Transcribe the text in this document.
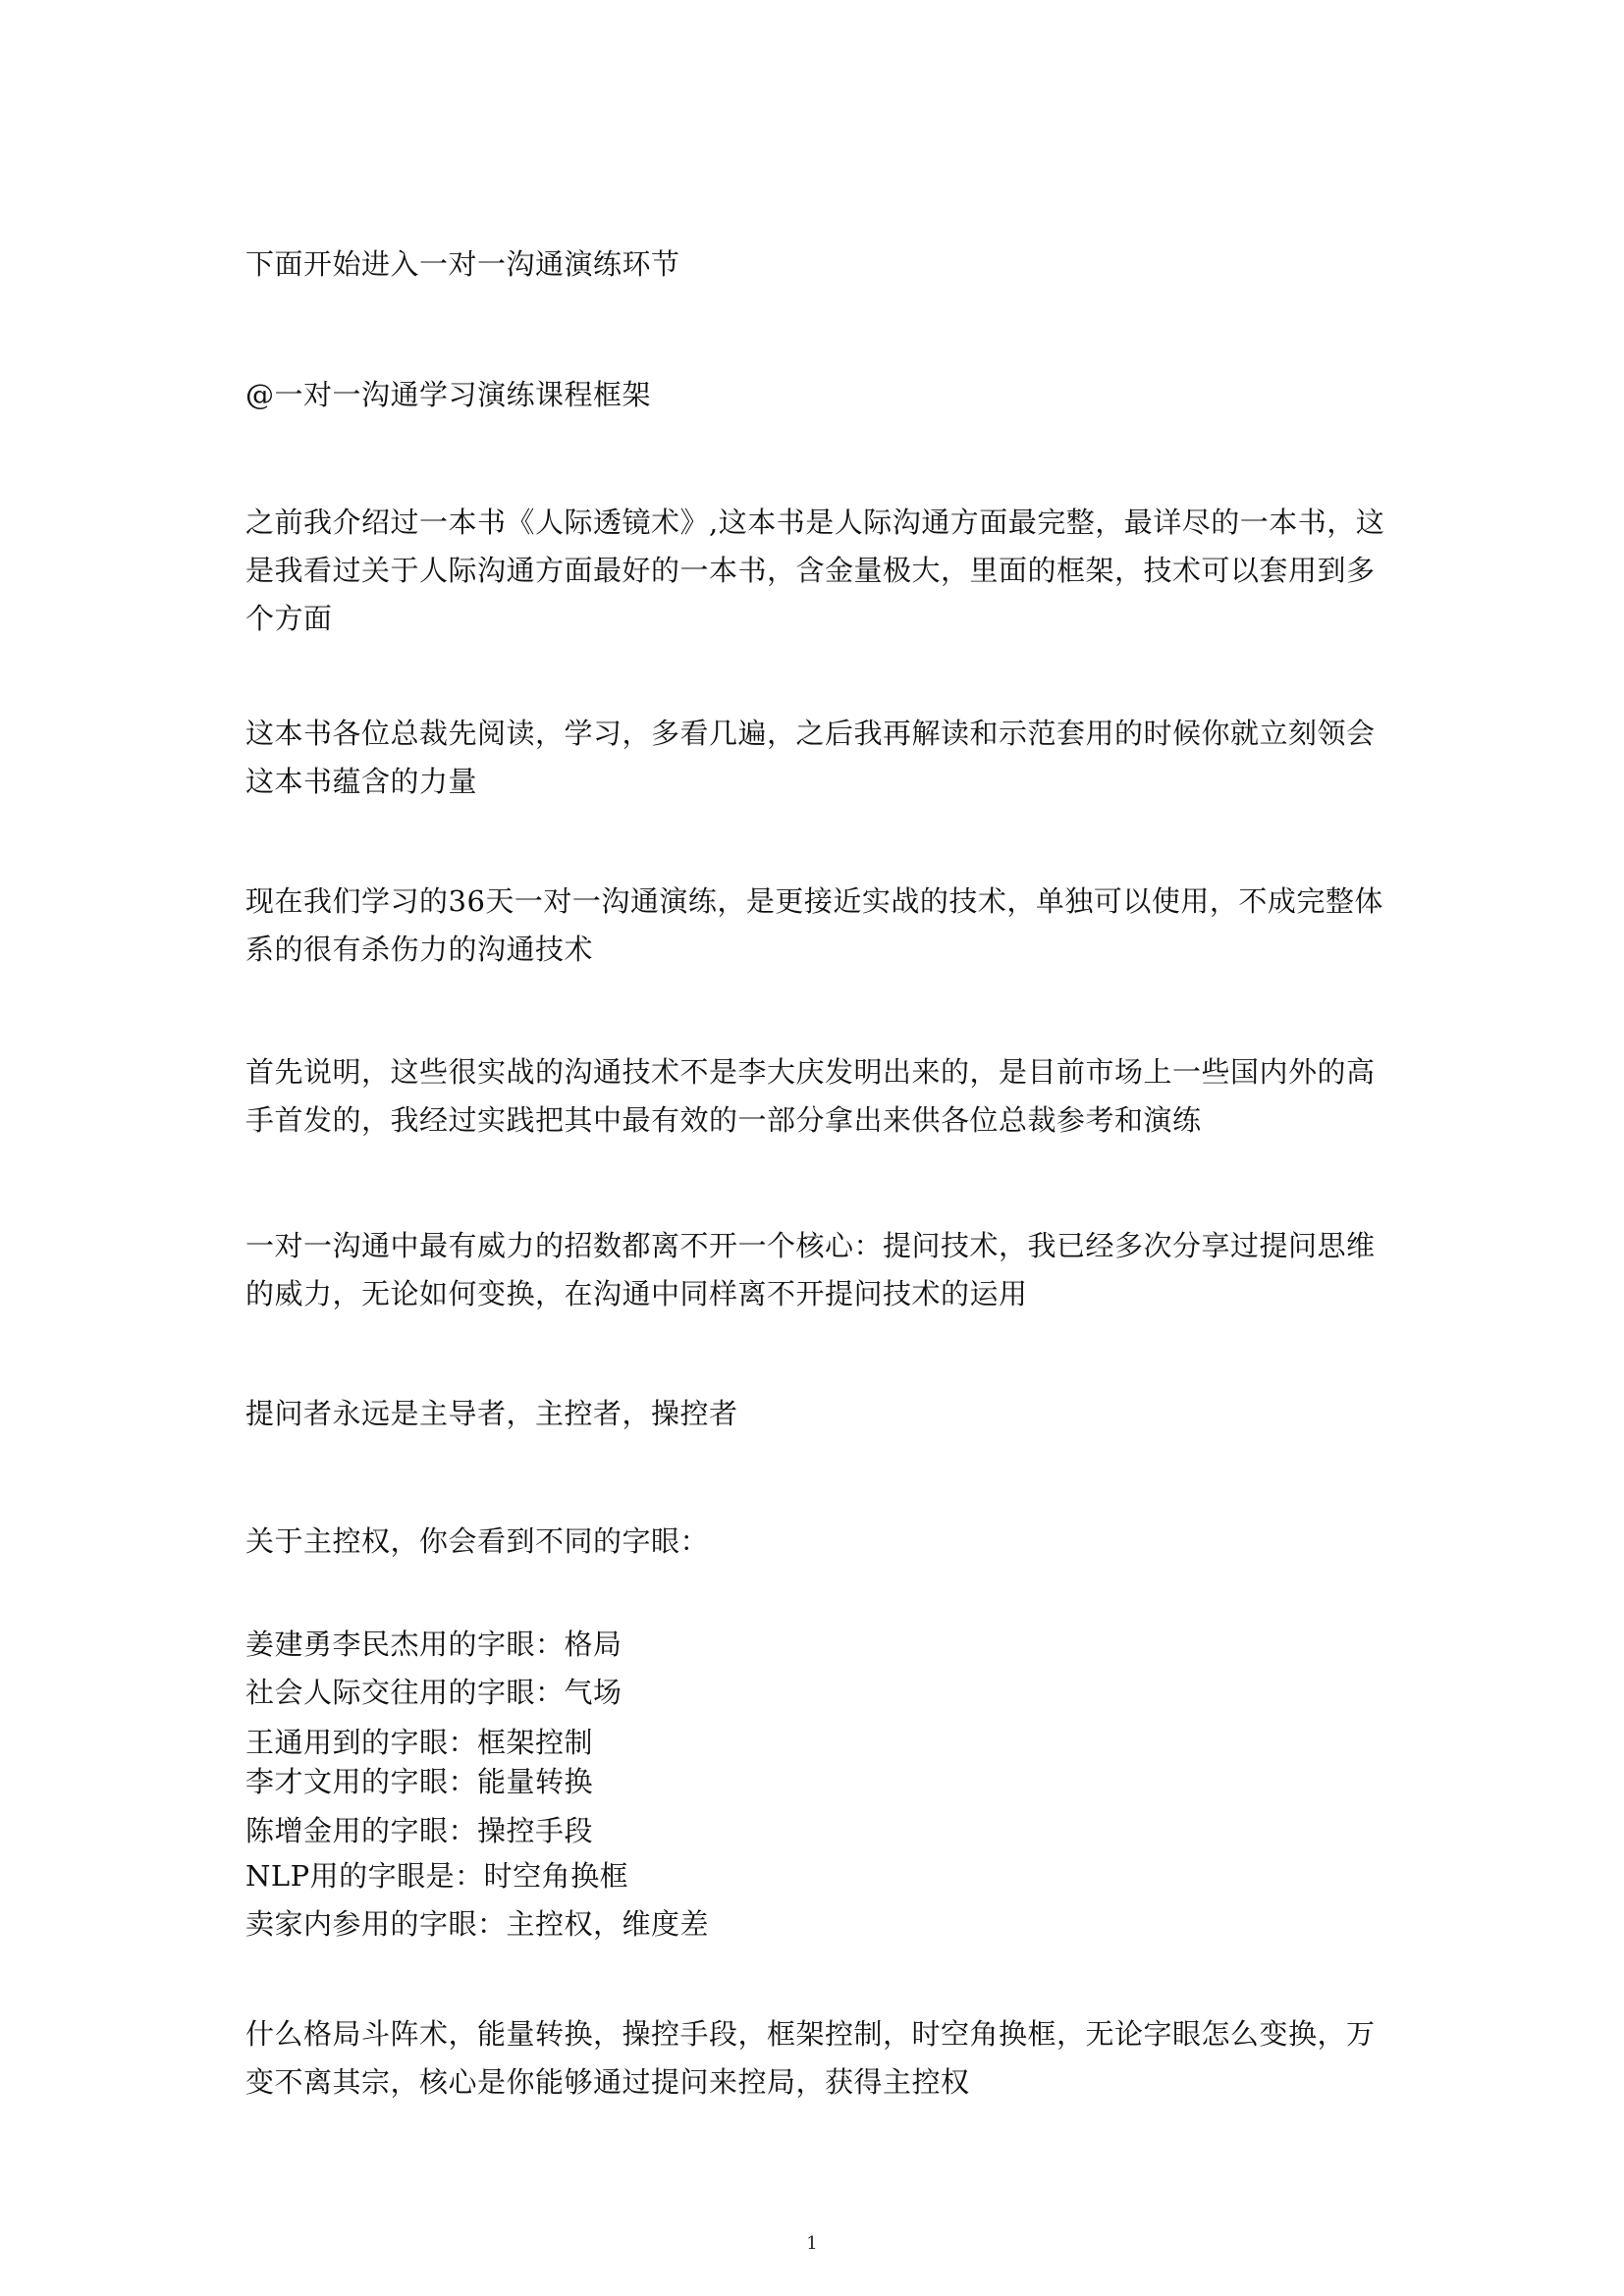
下面开始进入一对一沟通演练环节

@一对一沟通学习演练课程框架

之前我介绍过一本书《人际透镜术》,这本书是人际沟通方面最完整，最详尽的一本书，这是我看过关于人际沟通方面最好的一本书，含金量极大，里面的框架，技术可以套用到多个方面

这本书各位总裁先阅读，学习，多看几遍，之后我再解读和示范套用的时候你就立刻领会这本书蕴含的力量

现在我们学习的36天一对一沟通演练，是更接近实战的技术，单独可以使用，不成完整体系的很有杀伤力的沟通技术

首先说明，这些很实战的沟通技术不是李大庆发明出来的，是目前市场上一些国内外的高手首发的，我经过实践把其中最有效的一部分拿出来供各位总裁参考和演练

一对一沟通中最有威力的招数都离不开一个核心：提问技术，我已经多次分享过提问思维的威力，无论如何变换，在沟通中同样离不开提问技术的运用

提问者永远是主导者，主控者，操控者

关于主控权，你会看到不同的字眼：

姜建勇李民杰用的字眼：格局

社会人际交往用的字眼：气场

王通用到的字眼：框架控制

李才文用的字眼：能量转换

陈增金用的字眼：操控手段

NLP用的字眼是：时空角换框

卖家内参用的字眼：主控权，维度差

什么格局斗阵术，能量转换，操控手段，框架控制，时空角换框，无论字眼怎么变换，万变不离其宗，核心是你能够通过提问来控局，获得主控权

1
